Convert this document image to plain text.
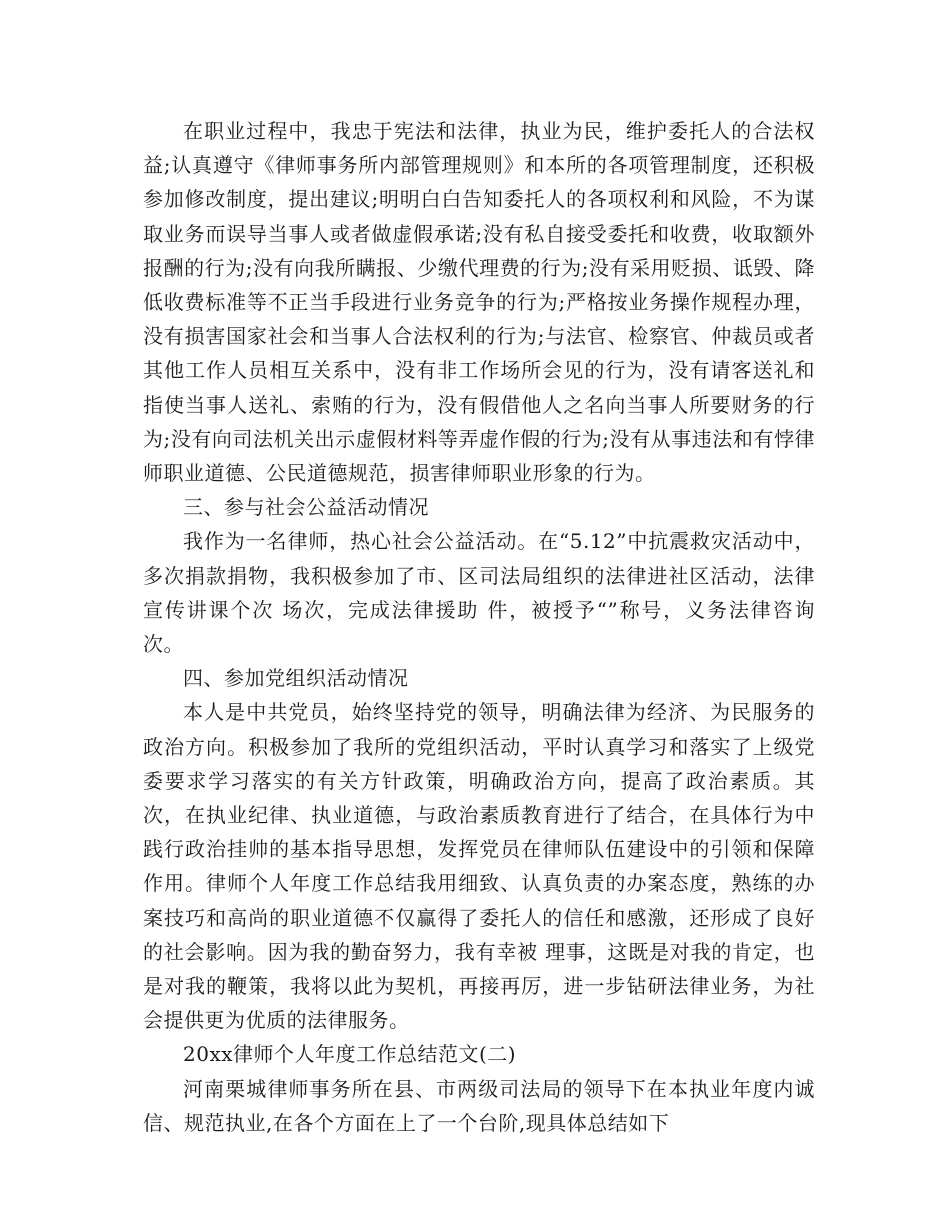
在职业过程中，我忠于宪法和法律，执业为民，维护委托人的合法权益;认真遵守《律师事务所内部管理规则》和本所的各项管理制度，还积极参加修改制度，提出建议;明明白白告知委托人的各项权利和风险，不为谋取业务而误导当事人或者做虚假承诺;没有私自接受委托和收费，收取额外报酬的行为;没有向我所瞒报、少缴代理费的行为;没有采用贬损、诋毁、降低收费标准等不正当手段进行业务竞争的行为;严格按业务操作规程办理，没有损害国家社会和当事人合法权利的行为;与法官、检察官、仲裁员或者其他工作人员相互关系中，没有非工作场所会见的行为，没有请客送礼和指使当事人送礼、索贿的行为，没有假借他人之名向当事人所要财务的行为;没有向司法机关出示虚假材料等弄虚作假的行为;没有从事违法和有悖律师职业道德、公民道德规范，损害律师职业形象的行为。

三、参与社会公益活动情况

我作为一名律师，热心社会公益活动。在“5.12”中抗震救灾活动中，多次捐款捐物，我积极参加了市、区司法局组织的法律进社区活动，法律宣传讲课个次 场次，完成法律援助 件，被授予“”称号，义务法律咨询 次。

四、参加党组织活动情况

本人是中共党员，始终坚持党的领导，明确法律为经济、为民服务的政治方向。积极参加了我所的党组织活动，平时认真学习和落实了上级党委要求学习落实的有关方针政策，明确政治方向，提高了政治素质。其次，在执业纪律、执业道德，与政治素质教育进行了结合，在具体行为中践行政治挂帅的基本指导思想，发挥党员在律师队伍建设中的引领和保障作用。律师个人年度工作总结我用细致、认真负责的办案态度，熟练的办案技巧和高尚的职业道德不仅赢得了委托人的信任和感激，还形成了良好的社会影响。因为我的勤奋努力，我有幸被 理事，这既是对我的肯定，也是对我的鞭策，我将以此为契机，再接再厉，进一步钻研法律业务，为社会提供更为优质的法律服务。

20xx律师个人年度工作总结范文(二)

河南栗城律师事务所在县、市两级司法局的领导下在本执业年度内诚信、规范执业,在各个方面在上了一个台阶,现具体总结如下
